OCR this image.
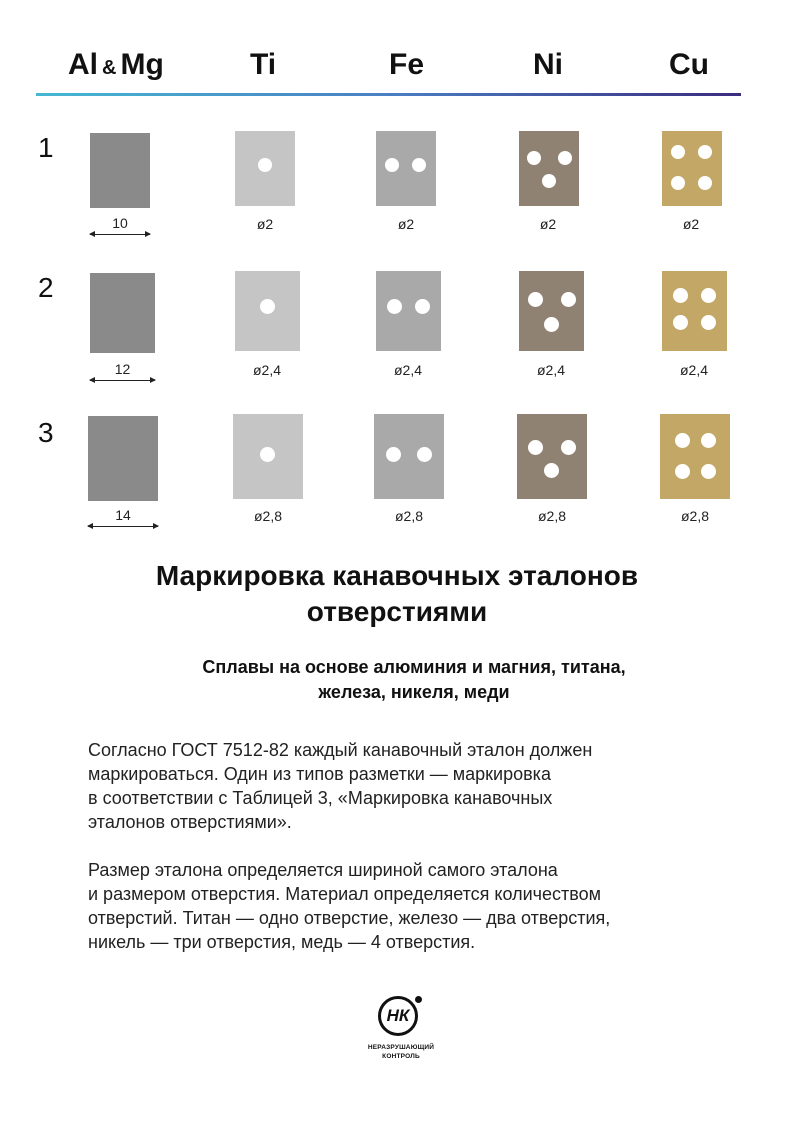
Al & Mg	Ti	Fe	Ni	Cu
1
10	ø2	ø2	ø2	ø2
2
12	ø2,4	ø2,4	ø2,4	ø2,4
3
14	ø2,8	ø2,8	ø2,8	ø2,8
Маркировка канавочных эталонов
отверстиями
Сплавы на основе алюминия и магния, титана,
железа, никеля, меди
Согласно ГОСТ 7512-82 каждый канавочный эталон должен
маркироваться. Один из типов разметки — маркировка
в соответствии с Таблицей 3, «Маркировка канавочных
эталонов отверстиями».
Размер эталона определяется шириной самого эталона
и размером отверстия. Материал определяется количеством
отверстий. Титан — одно отверстие, железо — два отверстия,
никель — три отверстия, медь — 4 отверстия.
НК
НЕРАЗРУШАЮЩИЙ
КОНТРОЛЬ
